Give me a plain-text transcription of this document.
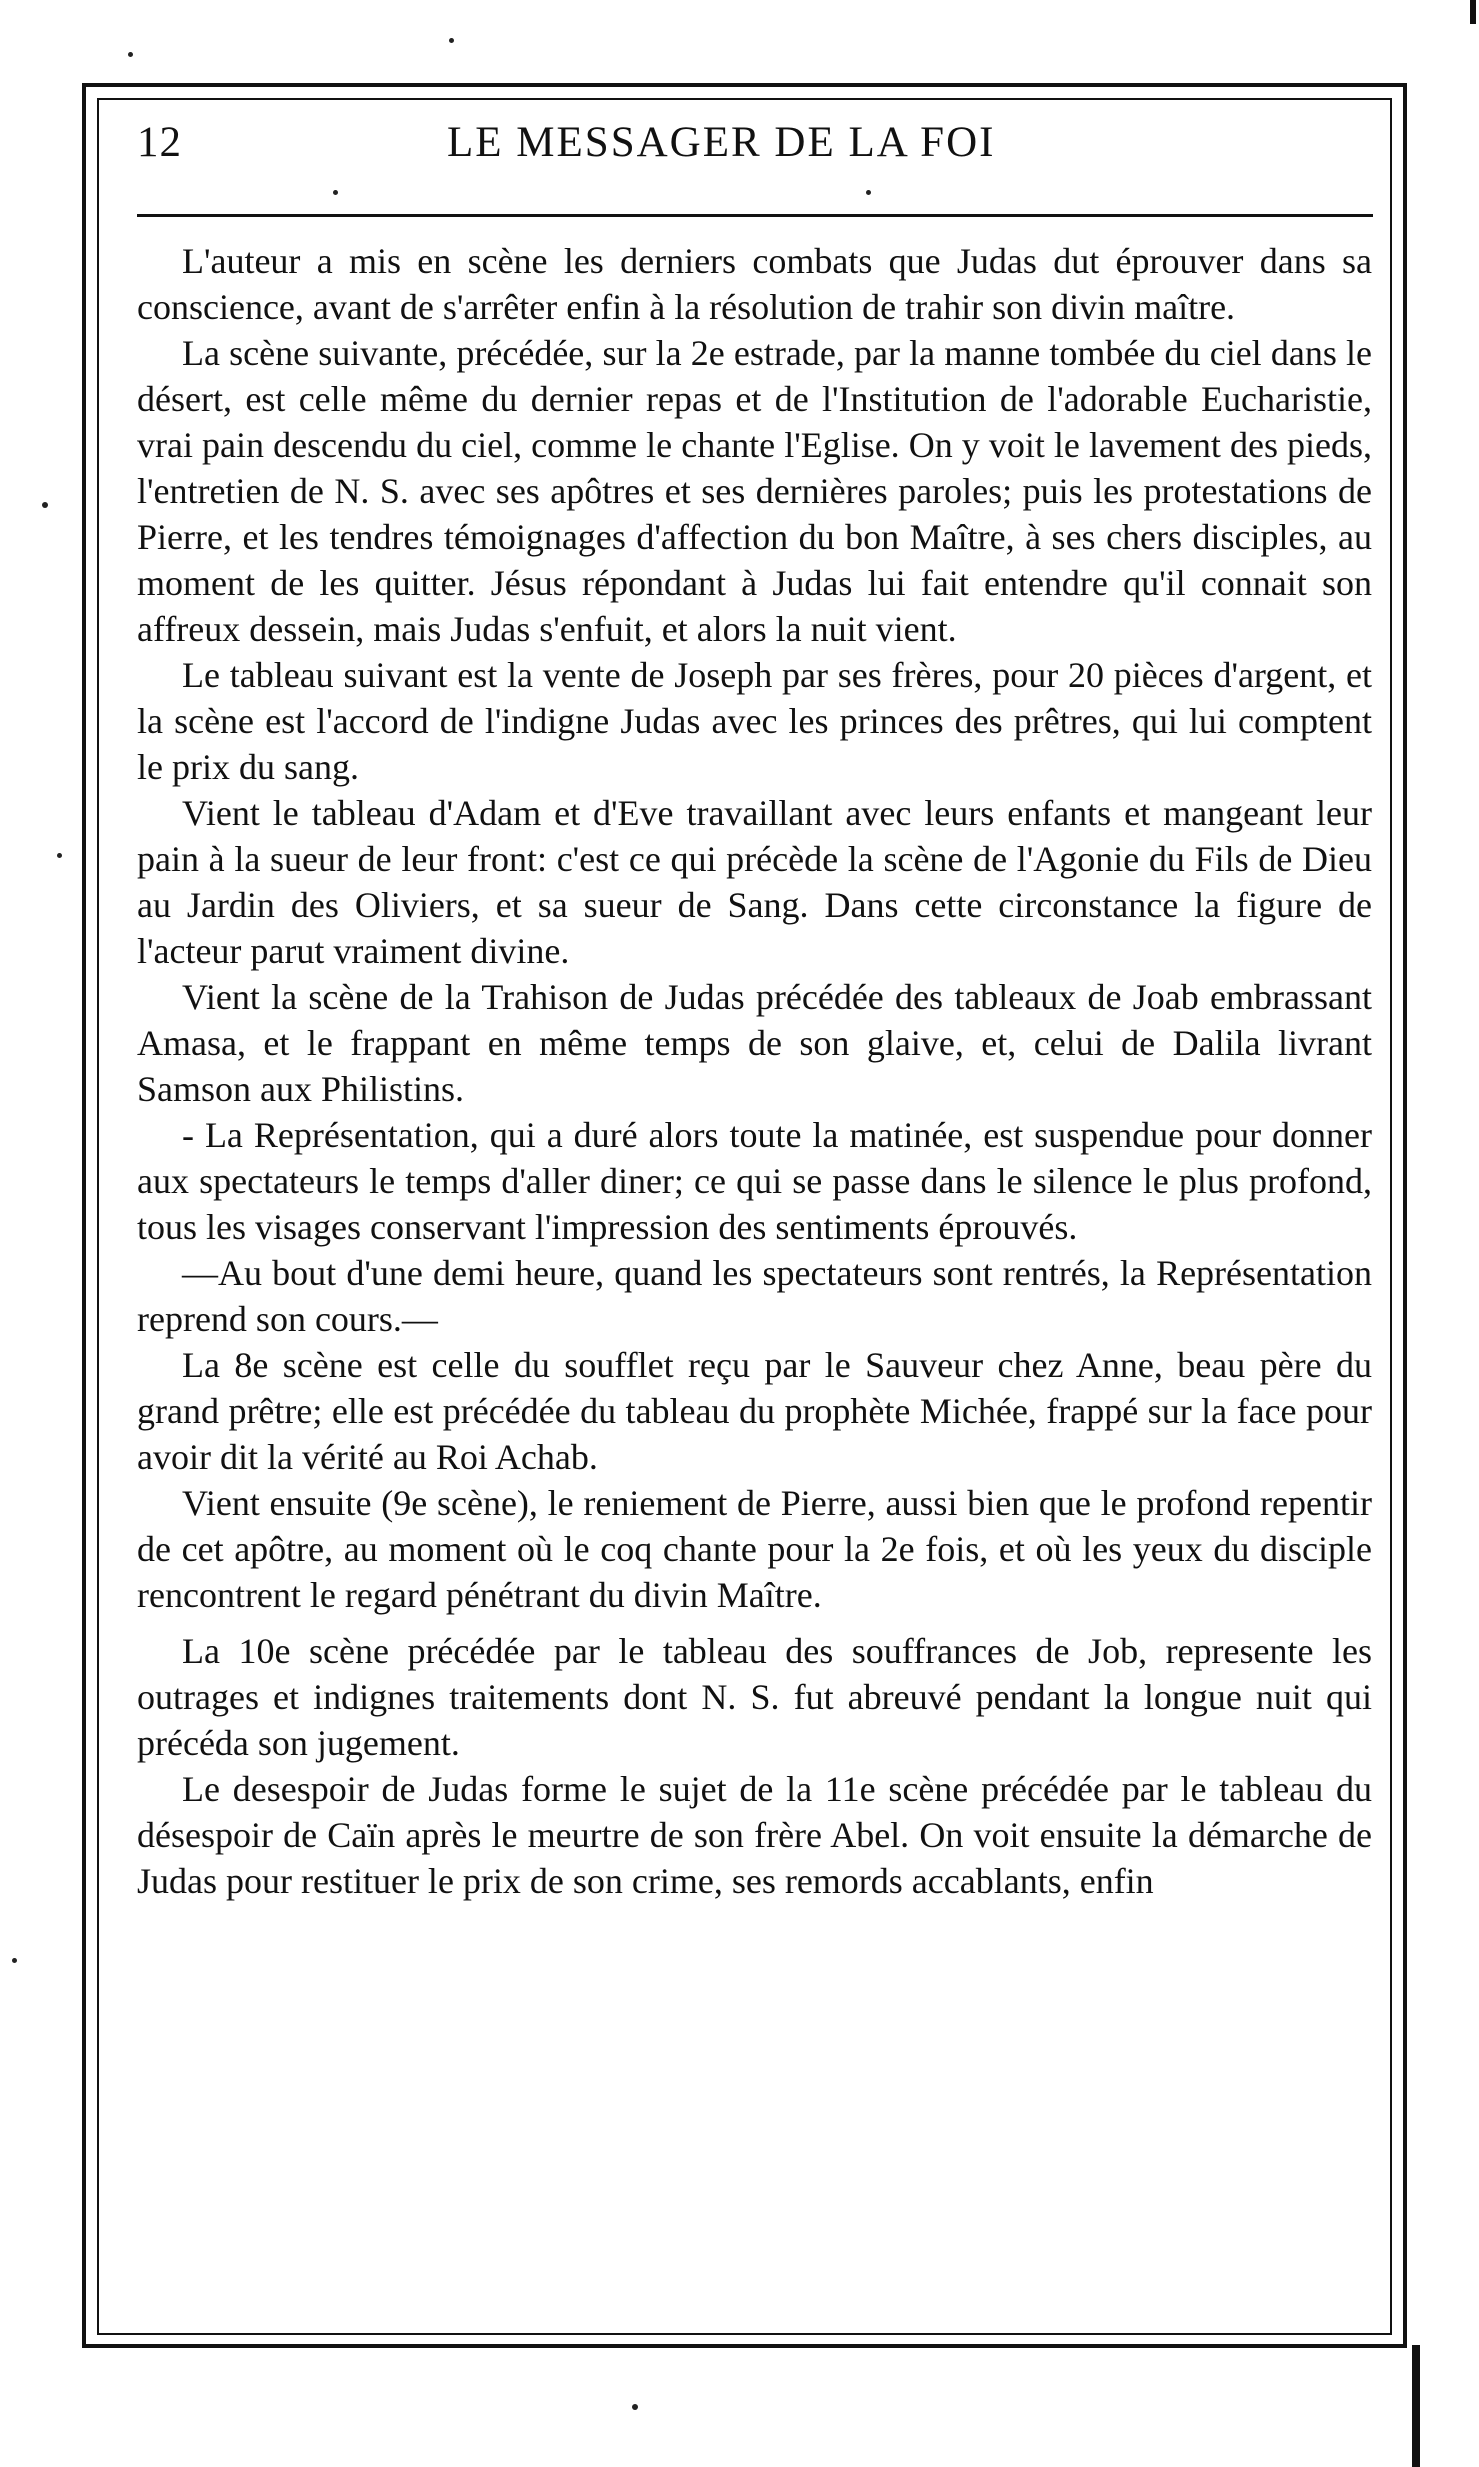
12	LE MESSAGER DE LA FOI

L'auteur a mis en scène les derniers combats que Judas dut éprouver dans sa conscience, avant de s'arrêter enfin à la résolution de trahir son divin maître.

La scène suivante, précédée, sur la 2e estrade, par la manne tombée du ciel dans le désert, est celle même du dernier repas et de l'Institution de l'adorable Eucharistie, vrai pain descendu du ciel, comme le chante l'Eglise. On y voit le lavement des pieds, l'entretien de N. S. avec ses apôtres et ses dernières paroles; puis les protestations de Pierre, et les tendres témoignages d'affection du bon Maître, à ses chers disciples, au moment de les quitter. Jésus répondant à Judas lui fait entendre qu'il connait son affreux dessein, mais Judas s'enfuit, et alors la nuit vient.

Le tableau suivant est la vente de Joseph par ses frères, pour 20 pièces d'argent, et la scène est l'accord de l'indigne Judas avec les princes des prêtres, qui lui comptent le prix du sang.

Vient le tableau d'Adam et d'Eve travaillant avec leurs enfants et mangeant leur pain à la sueur de leur front: c'est ce qui précède la scène de l'Agonie du Fils de Dieu au Jardin des Oliviers, et sa sueur de Sang. Dans cette circonstance la figure de l'acteur parut vraiment divine.

Vient la scène de la Trahison de Judas précédée des tableaux de Joab embrassant Amasa, et le frappant en même temps de son glaive, et, celui de Dalila livrant Samson aux Philistins.

- La Représentation, qui a duré alors toute la matinée, est suspendue pour donner aux spectateurs le temps d'aller diner; ce qui se passe dans le silence le plus profond, tous les visages conservant l'impression des sentiments éprouvés.

—Au bout d'une demi heure, quand les spectateurs sont rentrés, la Représentation reprend son cours.—

La 8e scène est celle du soufflet reçu par le Sauveur chez Anne, beau père du grand prêtre; elle est précédée du tableau du prophète Michée, frappé sur la face pour avoir dit la vérité au Roi Achab.

Vient ensuite (9e scène), le reniement de Pierre, aussi bien que le profond repentir de cet apôtre, au moment où le coq chante pour la 2e fois, et où les yeux du disciple rencontrent le regard pénétrant du divin Maître.

La 10e scène précédée par le tableau des souffrances de Job, represente les outrages et indignes traitements dont N. S. fut abreuvé pendant la longue nuit qui précéda son jugement.

Le desespoir de Judas forme le sujet de la 11e scène précédée par le tableau du désespoir de Caïn après le meurtre de son frère Abel. On voit ensuite la démarche de Judas pour restituer le prix de son crime, ses remords accablants, enfin
